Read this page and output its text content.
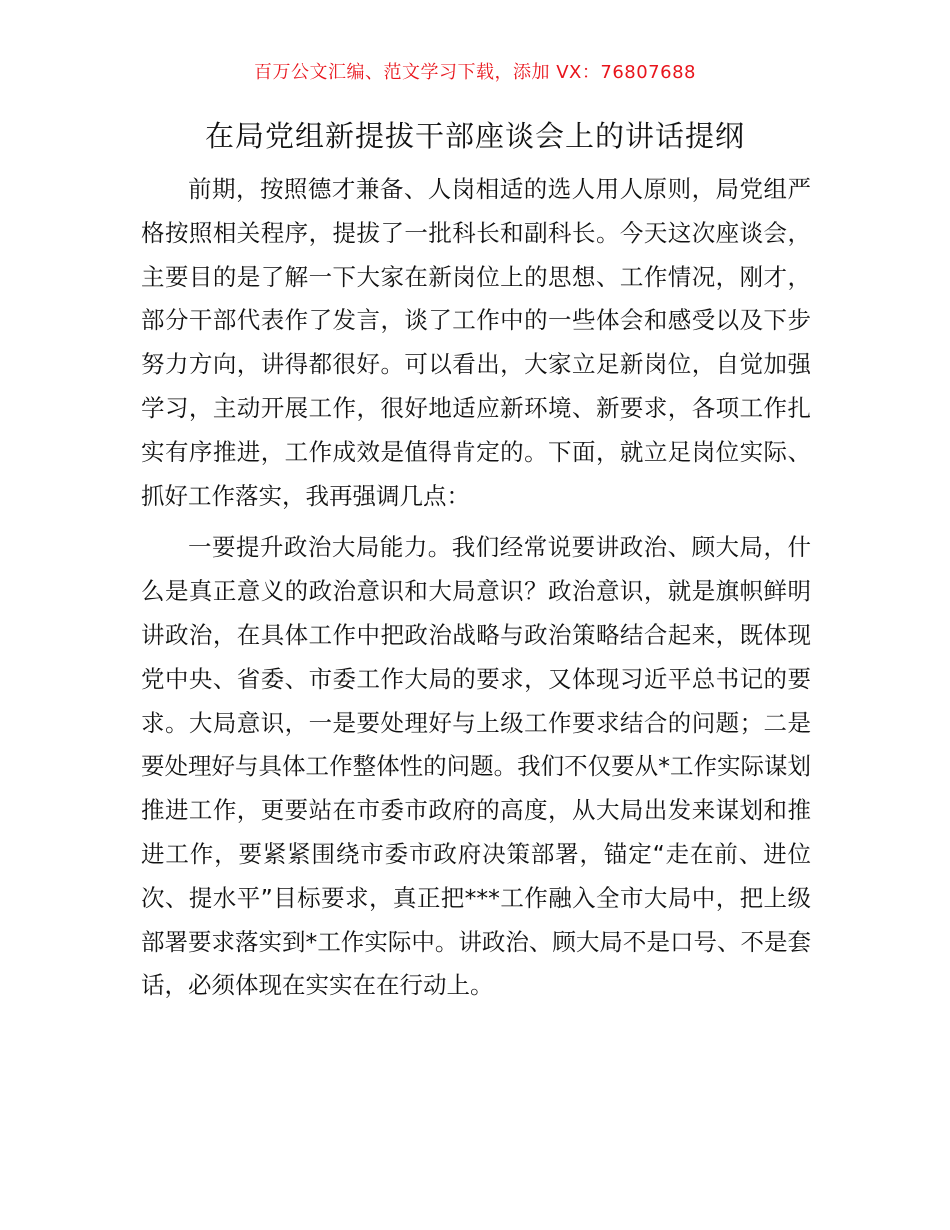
百万公文汇编、范文学习下载，添加 VX：76807688
在局党组新提拔干部座谈会上的讲话提纲

前期，按照德才兼备、人岗相适的选人用人原则，局党组严格按照相关程序，提拔了一批科长和副科长。今天这次座谈会，主要目的是了解一下大家在新岗位上的思想、工作情况，刚才，部分干部代表作了发言，谈了工作中的一些体会和感受以及下步努力方向，讲得都很好。可以看出，大家立足新岗位，自觉加强学习，主动开展工作，很好地适应新环境、新要求，各项工作扎实有序推进，工作成效是值得肯定的。下面，就立足岗位实际、抓好工作落实，我再强调几点：

一要提升政治大局能力。我们经常说要讲政治、顾大局，什么是真正意义的政治意识和大局意识？政治意识，就是旗帜鲜明讲政治，在具体工作中把政治战略与政治策略结合起来，既体现党中央、省委、市委工作大局的要求，又体现习近平总书记的要求。大局意识，一是要处理好与上级工作要求结合的问题；二是要处理好与具体工作整体性的问题。我们不仅要从*工作实际谋划推进工作，更要站在市委市政府的高度，从大局出发来谋划和推进工作，要紧紧围绕市委市政府决策部署，锚定“走在前、进位次、提水平”目标要求，真正把***工作融入全市大局中，把上级部署要求落实到*工作实际中。讲政治、顾大局不是口号、不是套话，必须体现在实实在在行动上。
